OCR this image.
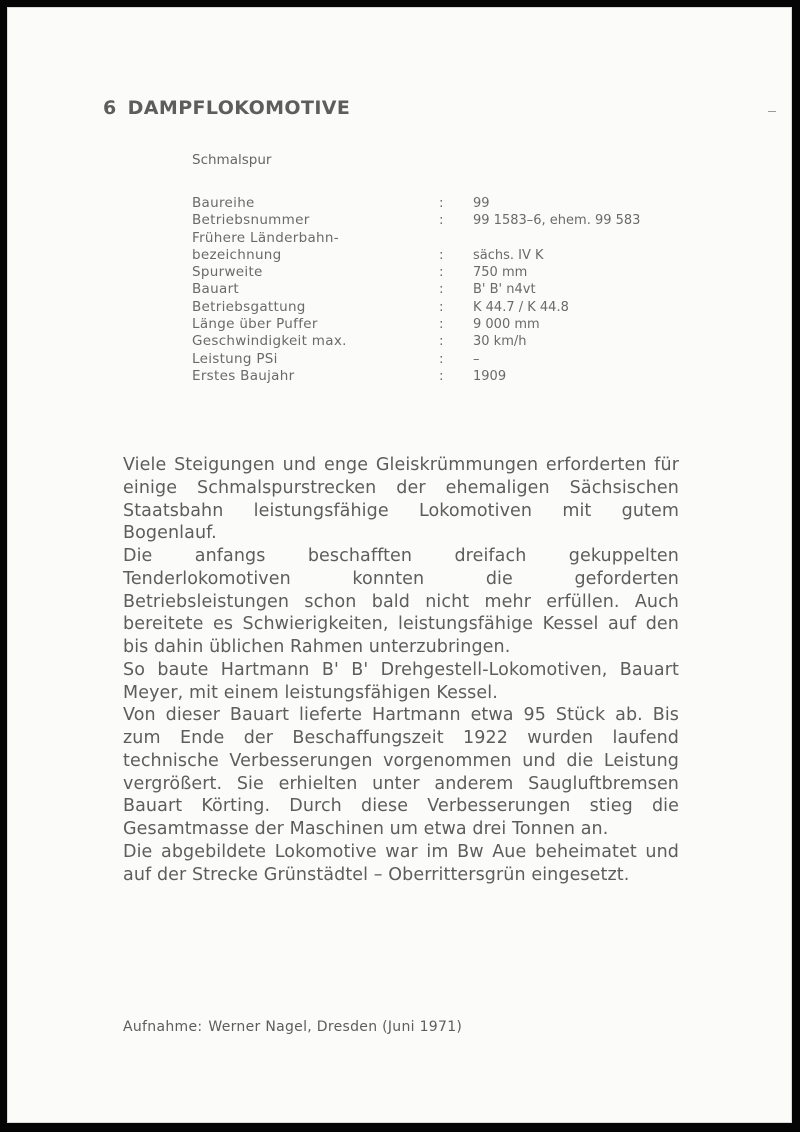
6 DAMPFLOKOMOTIVE
Schmalspur
Baureihe	: 99
Betriebsnummer	: 99 1583–6, ehem. 99 583
Frühere Länderbahn-
bezeichnung	: sächs. IV K
Spurweite	: 750 mm
Bauart	: B' B' n4vt
Betriebsgattung	: K 44.7 / K 44.8
Länge über Puffer	: 9 000 mm
Geschwindigkeit max.	: 30 km/h
Leistung PSi	: –
Erstes Baujahr	: 1909

Viele Steigungen und enge Gleiskrümmungen erforderten für einige Schmalspurstrecken der ehemaligen Sächsischen Staatsbahn leistungsfähige Lokomotiven mit gutem Bogenlauf.

Die anfangs beschafften dreifach gekuppelten Tenderlokomotiven konnten die geforderten Betriebsleistungen schon bald nicht mehr erfüllen. Auch bereitete es Schwierigkeiten, leistungsfähige Kessel auf den bis dahin üblichen Rahmen unterzubringen.

So baute Hartmann B' B' Drehgestell-Lokomotiven, Bauart Meyer, mit einem leistungsfähigen Kessel.

Von dieser Bauart lieferte Hartmann etwa 95 Stück ab. Bis zum Ende der Beschaffungszeit 1922 wurden laufend technische Verbesserungen vorgenommen und die Leistung vergrößert. Sie erhielten unter anderem Saugluftbremsen Bauart Körting. Durch diese Verbesserungen stieg die Gesamtmasse der Maschinen um etwa drei Tonnen an.

Die abgebildete Lokomotive war im Bw Aue beheimatet und auf der Strecke Grünstädtel – Oberrittersgrün eingesetzt.

Aufnahme: Werner Nagel, Dresden (Juni 1971)
